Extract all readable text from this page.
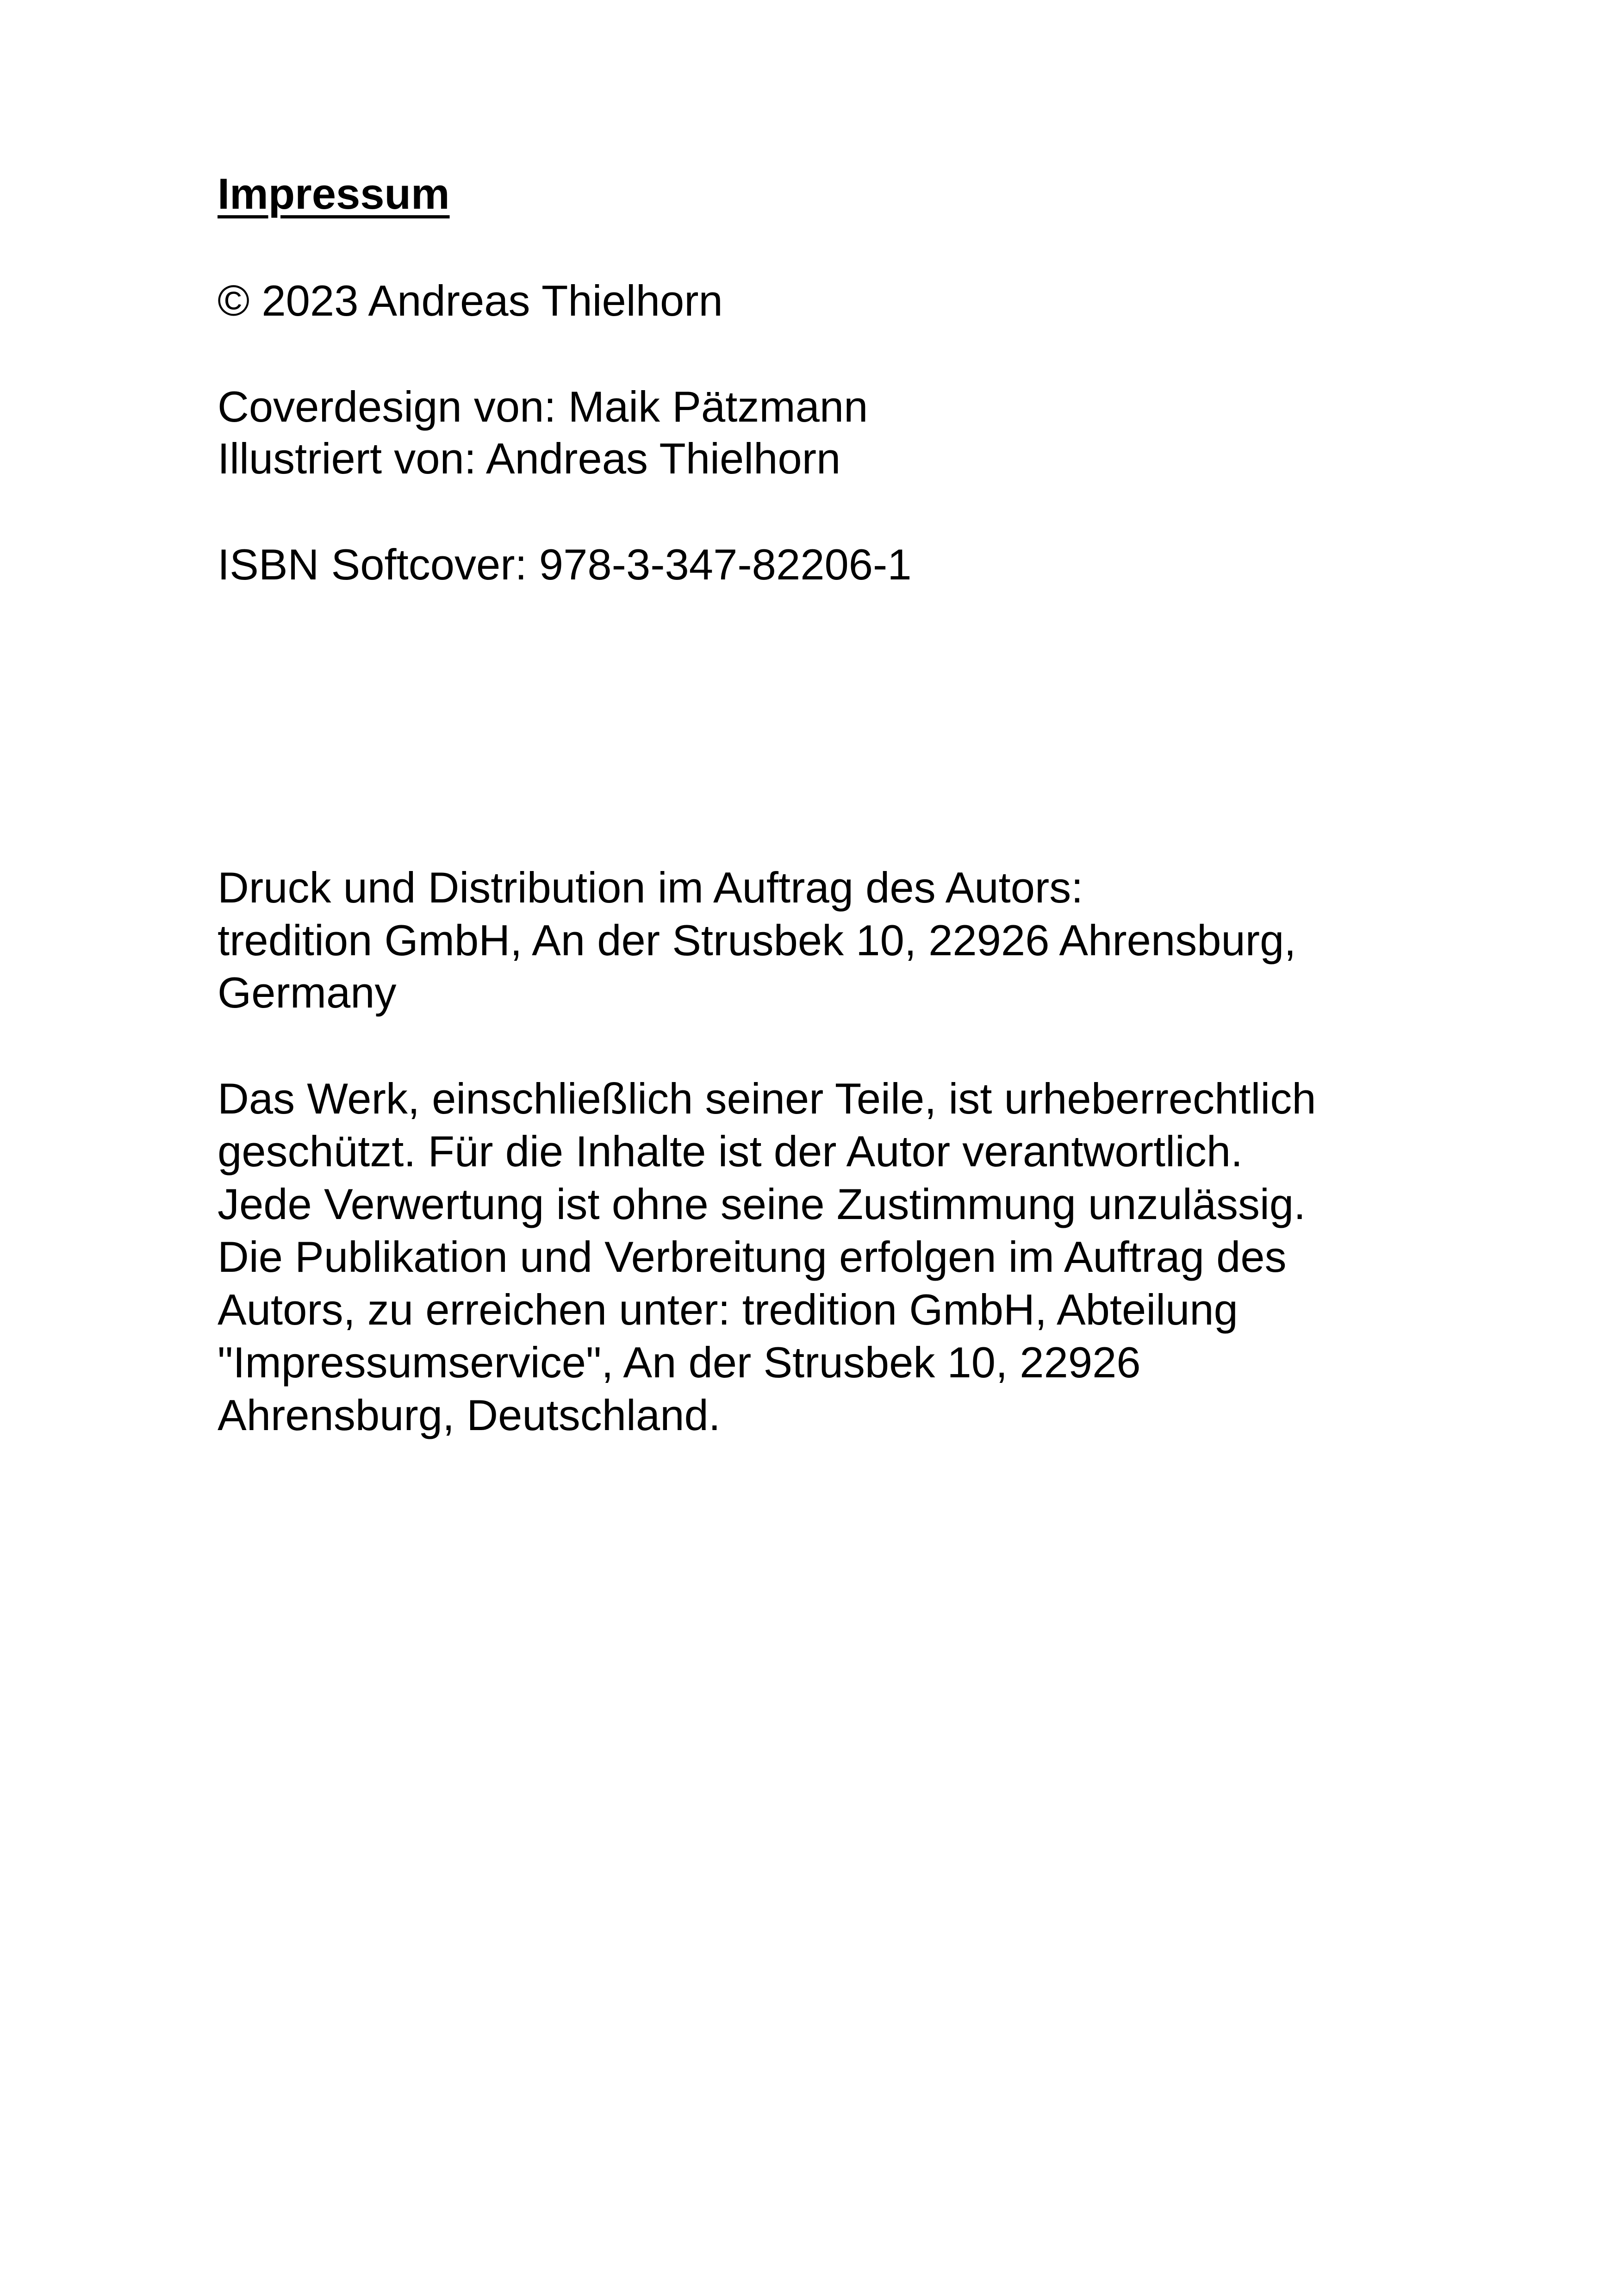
Impressum

© 2023 Andreas Thielhorn

Coverdesign von: Maik Pätzmann

Illustriert von: Andreas Thielhorn

ISBN Softcover: 978-3-347-82206-1

Druck und Distribution im Auftrag des Autors:

tredition GmbH, An der Strusbek 10, 22926 Ahrensburg,

Germany

Das Werk, einschließlich seiner Teile, ist urheberrechtlich

geschützt. Für die Inhalte ist der Autor verantwortlich.

Jede Verwertung ist ohne seine Zustimmung unzulässig.

Die Publikation und Verbreitung erfolgen im Auftrag des

Autors, zu erreichen unter: tredition GmbH, Abteilung

"Impressumservice", An der Strusbek 10, 22926

Ahrensburg, Deutschland.
